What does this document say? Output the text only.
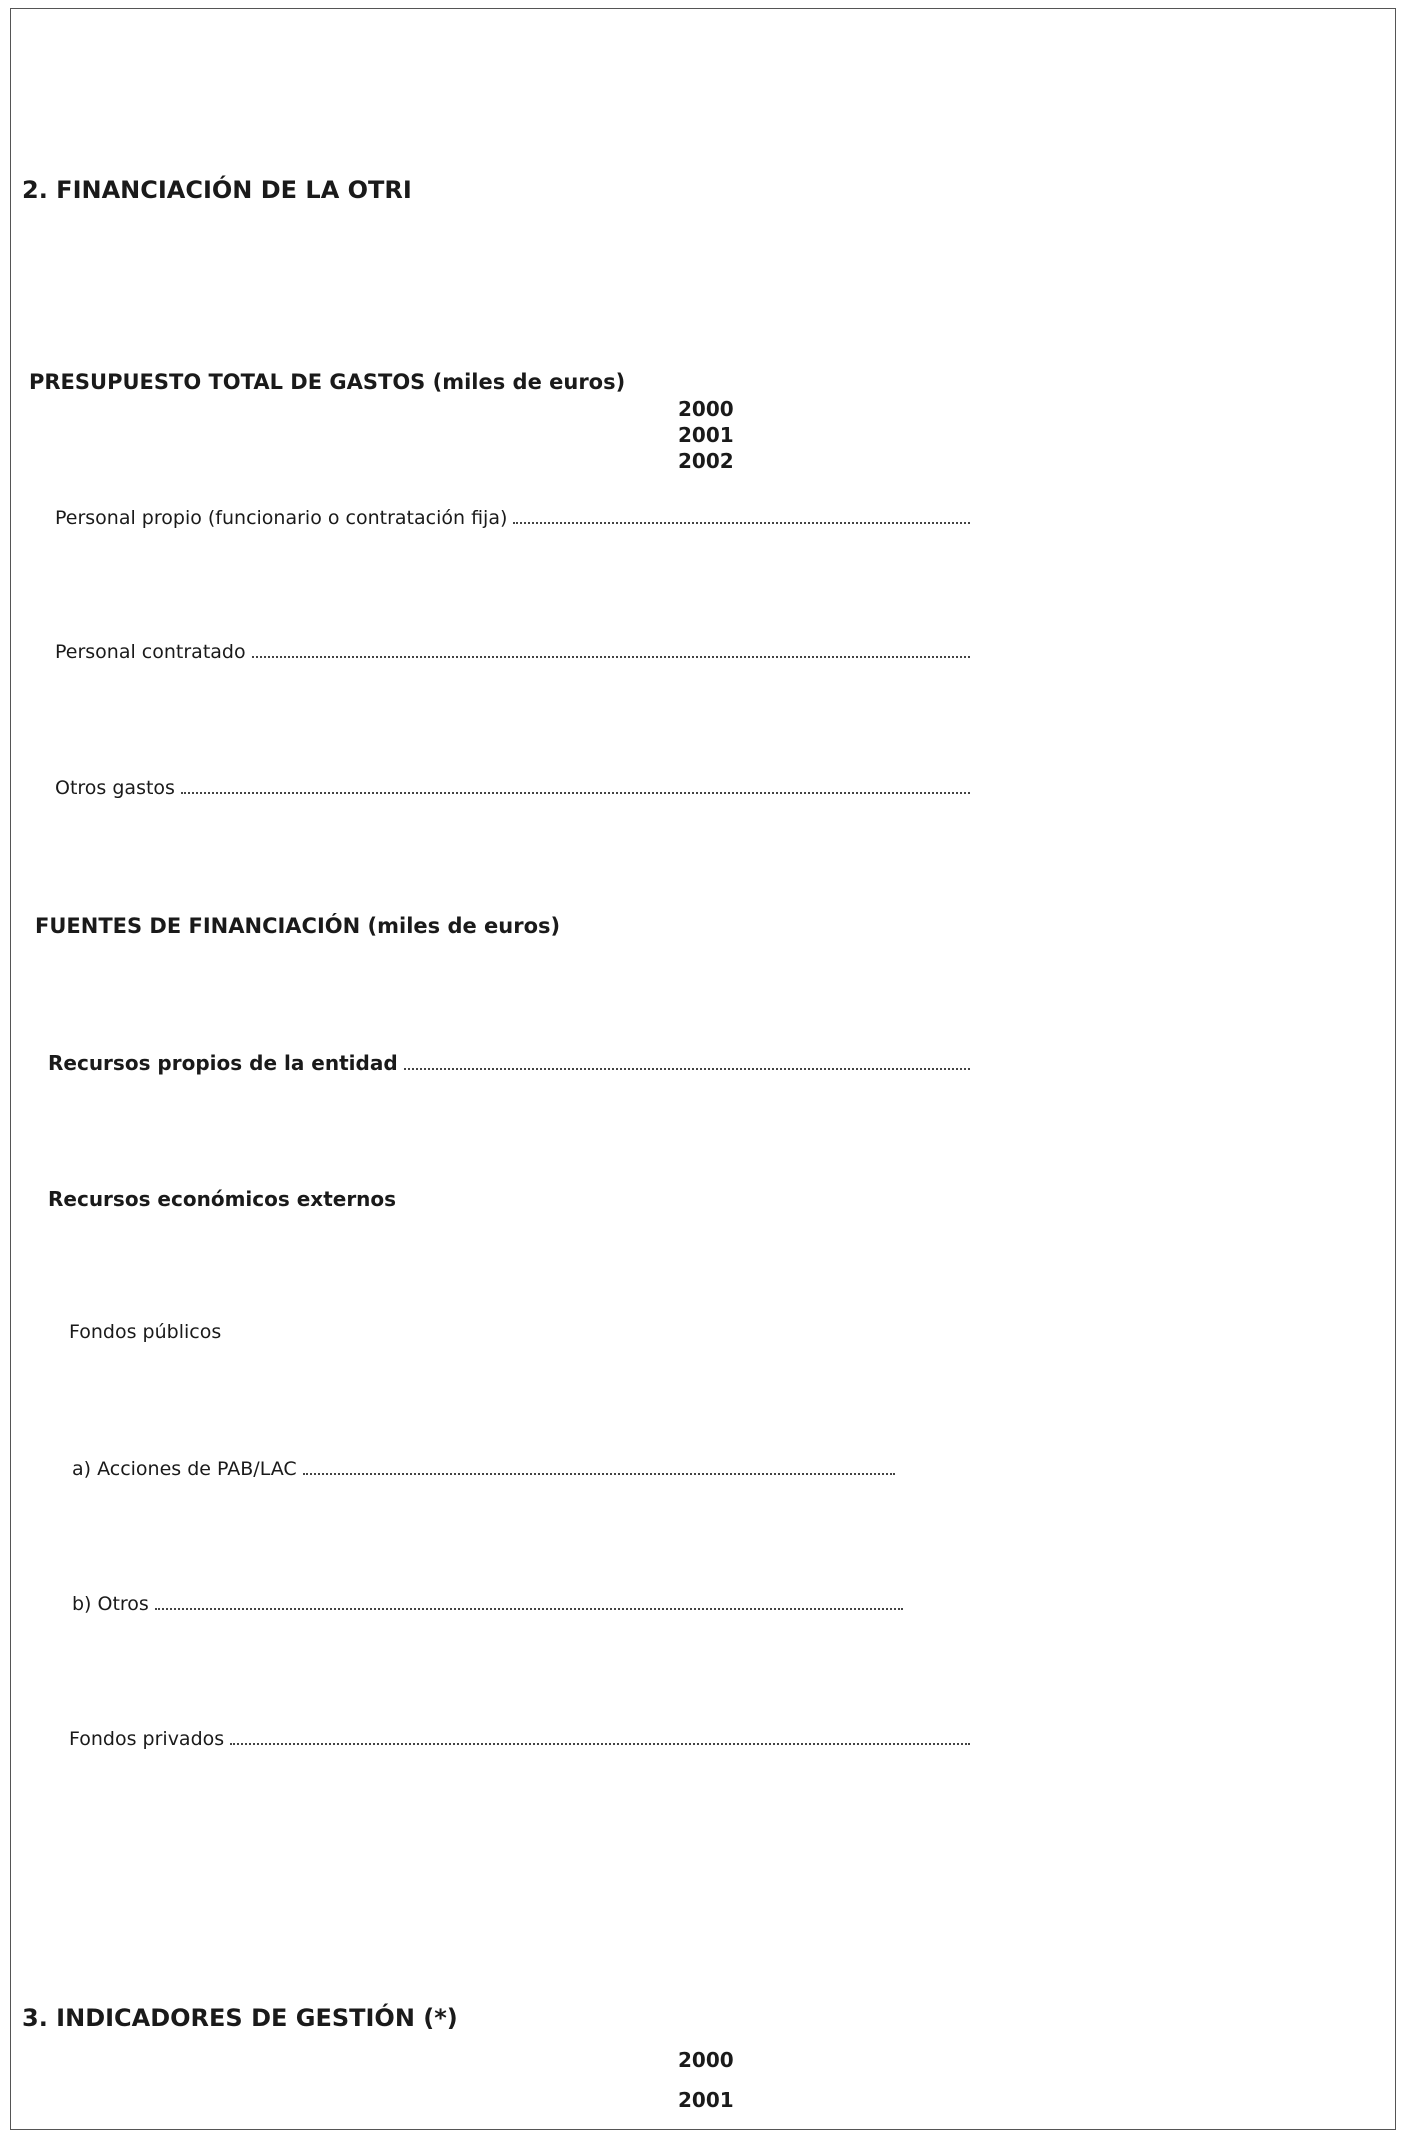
2. FINANCIACIÓN DE LA OTRI
PRESUPUESTO TOTAL DE GASTOS (miles de euros)
2000
2001
2002
Personal propio (funcionario o contratación fija)
Personal contratado
Otros gastos
FUENTES DE FINANCIACIÓN (miles de euros)
Recursos propios de la entidad
Recursos económicos externos
Fondos públicos
a) Acciones de PAB/LAC
b) Otros
Fondos privados
3. INDICADORES DE GESTIÓN (*)
2000
2001
